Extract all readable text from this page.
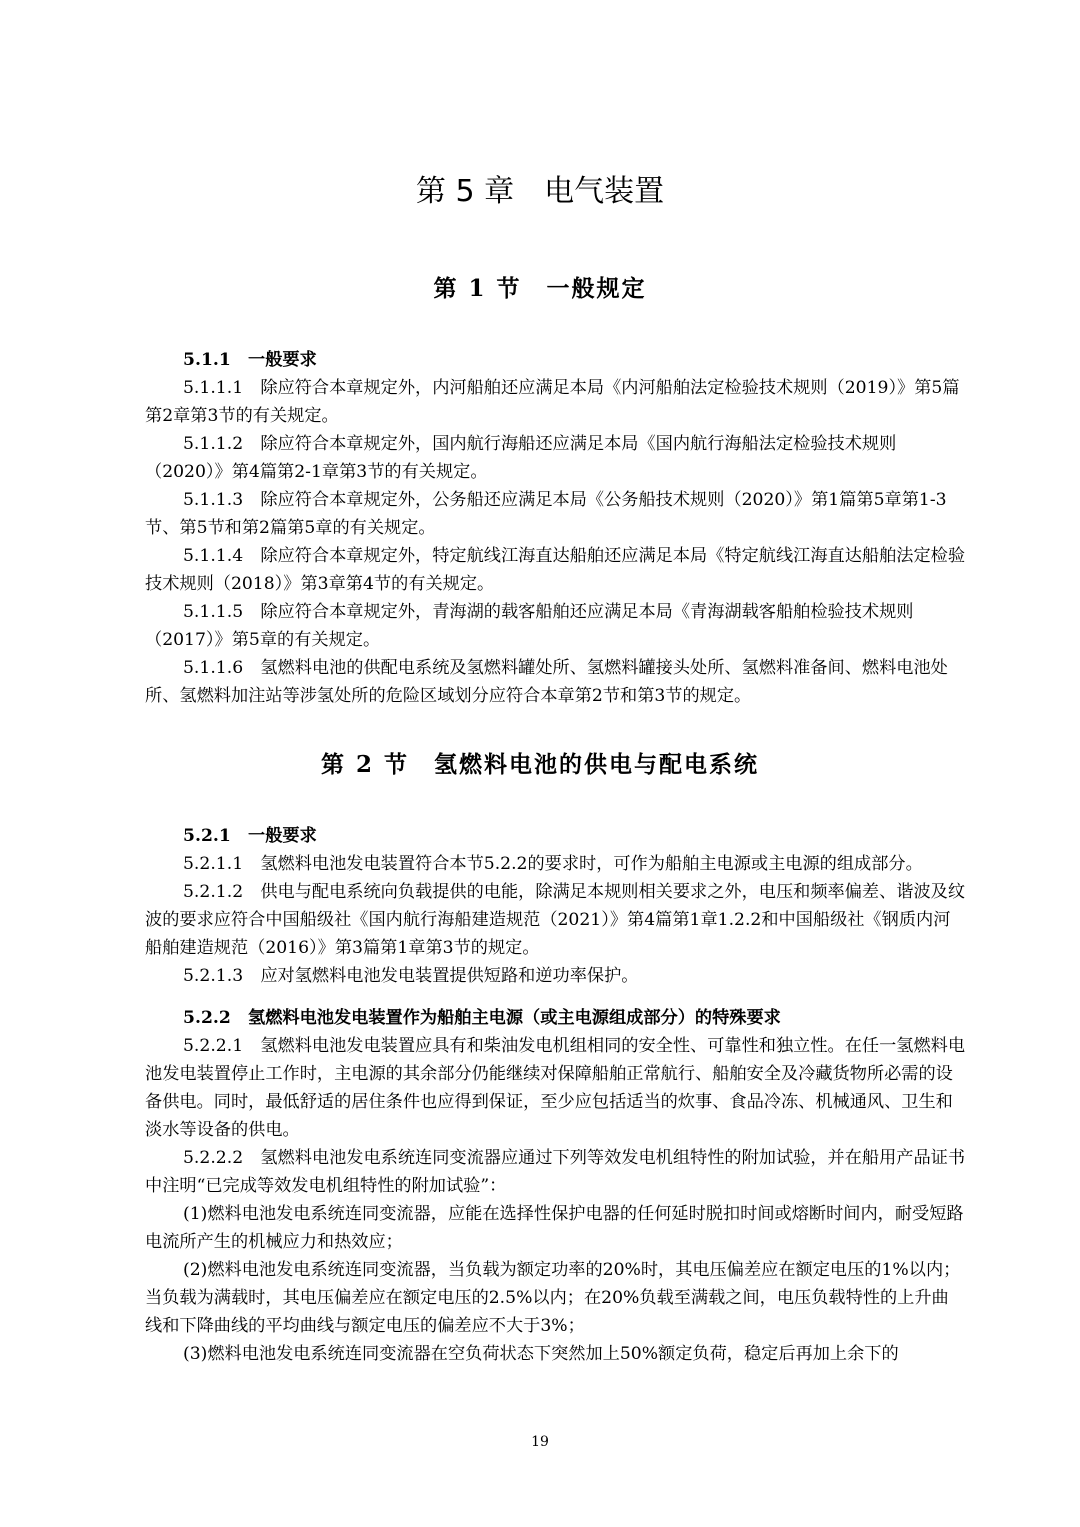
第 5 章　电气装置
第 1 节　一般规定

5.1.1　一般要求

5.1.1.1　除应符合本章规定外，内河船舶还应满足本局《内河船舶法定检验技术规则（2019）》第5篇第2章第3节的有关规定。

5.1.1.2　除应符合本章规定外，国内航行海船还应满足本局《国内航行海船法定检验技术规则（2020）》第4篇第2-1章第3节的有关规定。

5.1.1.3　除应符合本章规定外，公务船还应满足本局《公务船技术规则（2020）》第1篇第5章第1-3节、第5节和第2篇第5章的有关规定。

5.1.1.4　除应符合本章规定外，特定航线江海直达船舶还应满足本局《特定航线江海直达船舶法定检验技术规则（2018）》第3章第4节的有关规定。

5.1.1.5　除应符合本章规定外，青海湖的载客船舶还应满足本局《青海湖载客船舶检验技术规则（2017）》第5章的有关规定。

5.1.1.6　氢燃料电池的供配电系统及氢燃料罐处所、氢燃料罐接头处所、氢燃料准备间、燃料电池处所、氢燃料加注站等涉氢处所的危险区域划分应符合本章第2节和第3节的规定。

第 2 节　氢燃料电池的供电与配电系统

5.2.1　一般要求

5.2.1.1　氢燃料电池发电装置符合本节5.2.2的要求时，可作为船舶主电源或主电源的组成部分。

5.2.1.2　供电与配电系统向负载提供的电能，除满足本规则相关要求之外，电压和频率偏差、谐波及纹波的要求应符合中国船级社《国内航行海船建造规范（2021）》第4篇第1章1.2.2和中国船级社《钢质内河船舶建造规范（2016）》第3篇第1章第3节的规定。

5.2.1.3　应对氢燃料电池发电装置提供短路和逆功率保护。

5.2.2　氢燃料电池发电装置作为船舶主电源（或主电源组成部分）的特殊要求

5.2.2.1　氢燃料电池发电装置应具有和柴油发电机组相同的安全性、可靠性和独立性。在任一氢燃料电池发电装置停止工作时，主电源的其余部分仍能继续对保障船舶正常航行、船舶安全及冷藏货物所必需的设备供电。同时，最低舒适的居住条件也应得到保证，至少应包括适当的炊事、食品冷冻、机械通风、卫生和淡水等设备的供电。

5.2.2.2　氢燃料电池发电系统连同变流器应通过下列等效发电机组特性的附加试验，并在船用产品证书中注明“已完成等效发电机组特性的附加试验”：

(1)燃料电池发电系统连同变流器，应能在选择性保护电器的任何延时脱扣时间或熔断时间内，耐受短路电流所产生的机械应力和热效应；

(2)燃料电池发电系统连同变流器，当负载为额定功率的20%时，其电压偏差应在额定电压的1%以内；当负载为满载时，其电压偏差应在额定电压的2.5%以内；在20%负载至满载之间，电压负载特性的上升曲线和下降曲线的平均曲线与额定电压的偏差应不大于3%；

(3)燃料电池发电系统连同变流器在空负荷状态下突然加上50%额定负荷，稳定后再加上余下的

19
